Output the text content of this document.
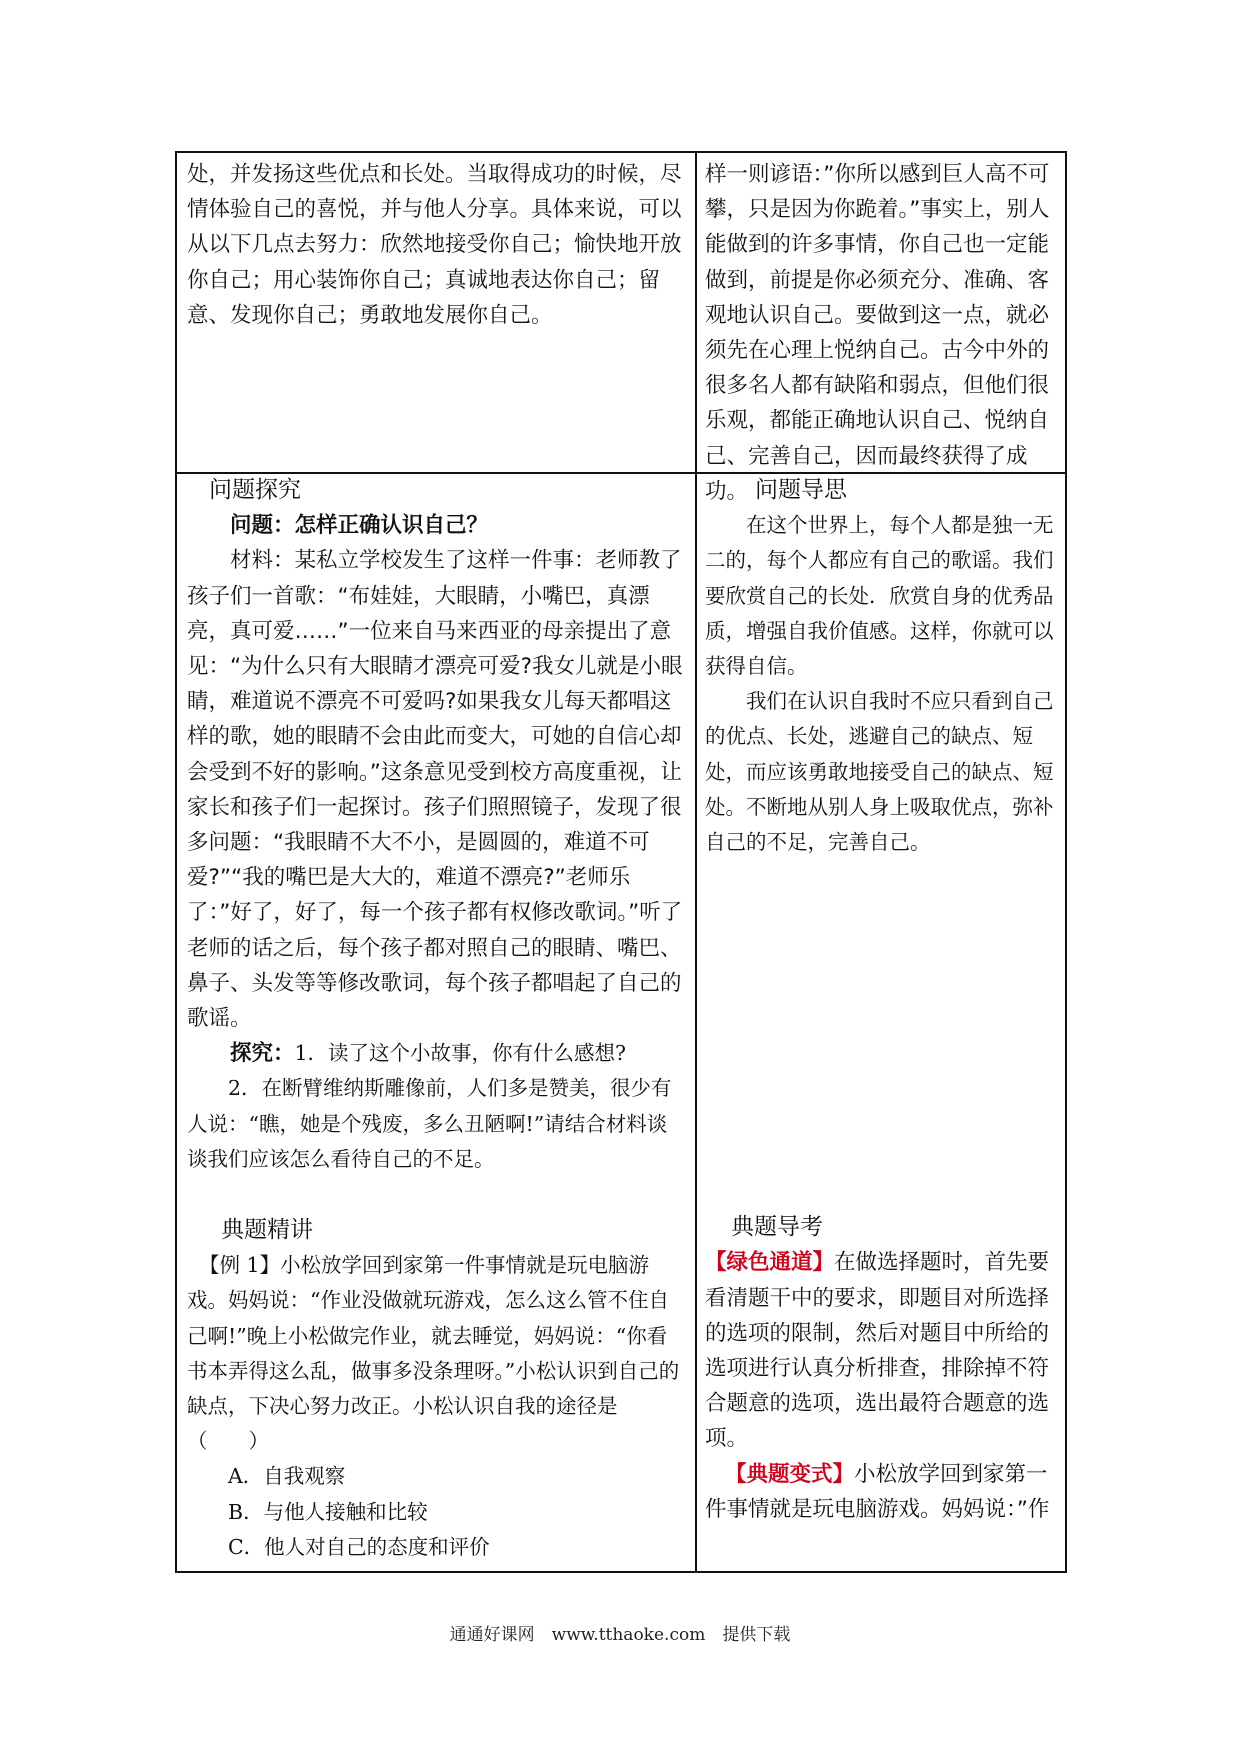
处，并发扬这些优点和长处。当取得成功的时候，尽情体验自己的喜悦，并与他人分享。具体来说，可以从以下几点去努力：欣然地接受你自己；愉快地开放你自己；用心装饰你自己；真诚地表达你自己；留意、发现你自己；勇敢地发展你自己。

样一则谚语：”你所以感到巨人高不可攀，只是因为你跪着。”事实上，别人能做到的许多事情，你自己也一定能做到，前提是你必须充分、准确、客观地认识自己。要做到这一点，就必须先在心理上悦纳自己。古今中外的很多名人都有缺陷和弱点，但他们很乐观，都能正确地认识自己、悦纳自己、完善自己，因而最终获得了成功。

问题探究

问题：怎样正确认识自己？

材料：某私立学校发生了这样一件事：老师教了孩子们一首歌：“布娃娃，大眼睛，小嘴巴，真漂亮，真可爱……”一位来自马来西亚的母亲提出了意见：“为什么只有大眼睛才漂亮可爱?我女儿就是小眼睛，难道说不漂亮不可爱吗?如果我女儿每天都唱这样的歌，她的眼睛不会由此而变大，可她的自信心却会受到不好的影响。”这条意见受到校方高度重视，让家长和孩子们一起探讨。孩子们照照镜子，发现了很多问题：“我眼睛不大不小，是圆圆的，难道不可爱?”“我的嘴巴是大大的，难道不漂亮?”老师乐了：”好了，好了，每一个孩子都有权修改歌词。”听了老师的话之后，每个孩子都对照自己的眼睛、嘴巴、鼻子、头发等等修改歌词，每个孩子都唱起了自己的歌谣。

探究：1．读了这个小故事，你有什么感想?

2．在断臂维纳斯雕像前，人们多是赞美，很少有人说：“瞧，她是个残废，多么丑陋啊!”请结合材料谈谈我们应该怎么看待自己的不足。

典题精讲

【例 1】小松放学回到家第一件事情就是玩电脑游戏。妈妈说：“作业没做就玩游戏，怎么这么管不住自己啊!”晚上小松做完作业，就去睡觉，妈妈说：“你看书本弄得这么乱，做事多没条理呀。”小松认识到自己的缺点，下决心努力改正。小松认识自我的途径是　　　　（　　）

A．自我观察

B．与他人接触和比较

C．他人对自己的态度和评价

问题导思

在这个世界上，每个人都是独一无二的，每个人都应有自己的歌谣。我们要欣赏自己的长处．欣赏自身的优秀品质，增强自我价值感。这样，你就可以获得自信。

我们在认识自我时不应只看到自己的优点、长处，逃避自己的缺点、短处，而应该勇敢地接受自己的缺点、短处。不断地从别人身上吸取优点，弥补自己的不足，完善自己。

典题导考

【绿色通道】在做选择题时，首先要看清题干中的要求，即题目对所选择的选项的限制，然后对题目中所给的选项进行认真分析排查，排除掉不符合题意的选项，选出最符合题意的选项。

【典题变式】小松放学回到家第一件事情就是玩电脑游戏。妈妈说：”作

通通好课网　www.tthaoke.com　提供下载
